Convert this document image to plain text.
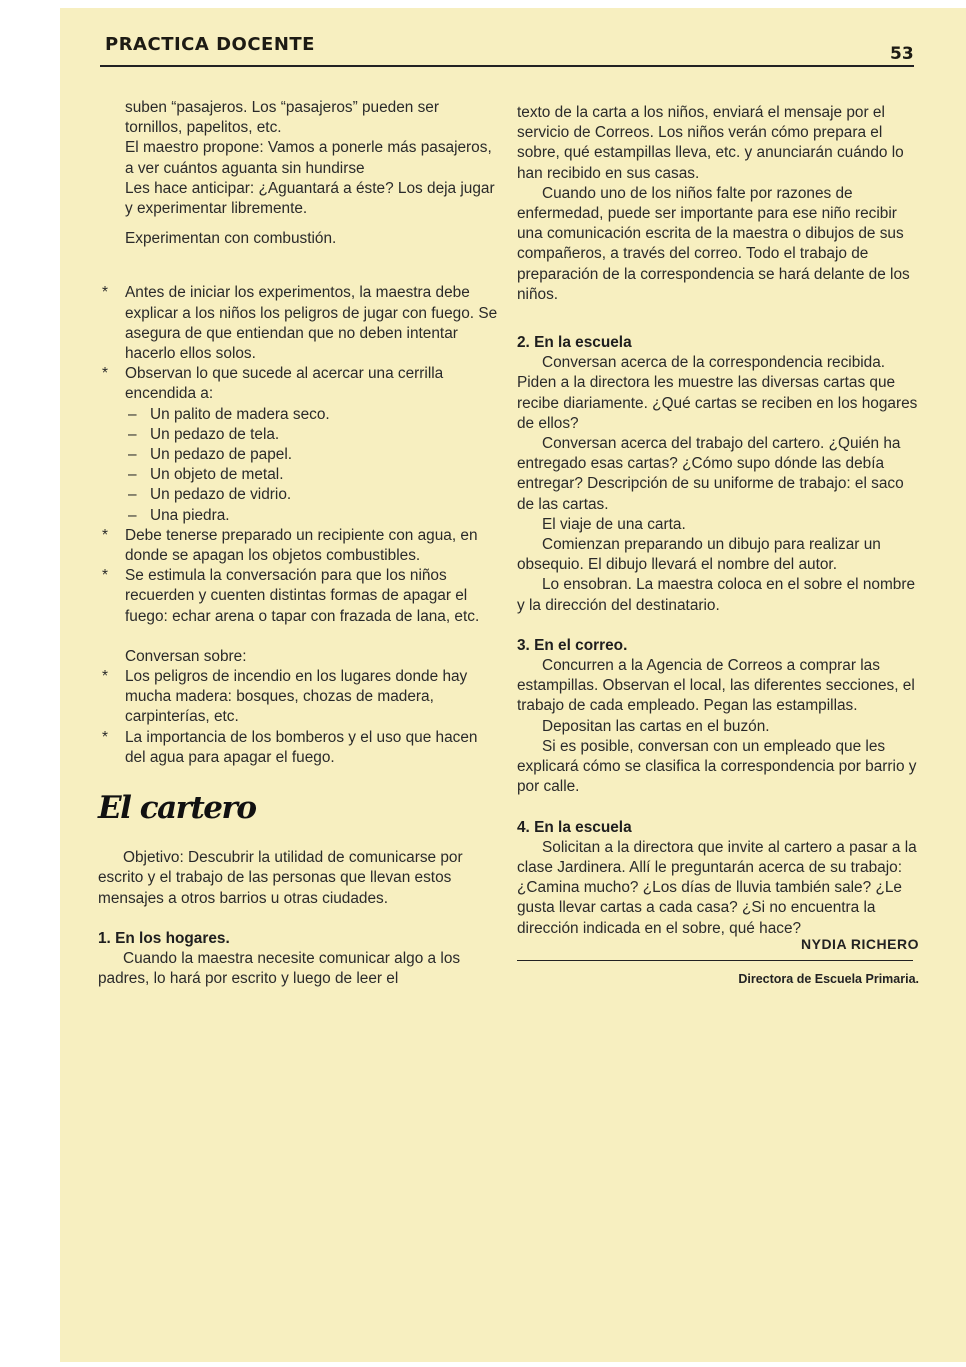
PRACTICA DOCENTE	53

suben “pasajeros. Los “pasajeros” pueden ser tornillos, papelitos, etc.

El maestro propone: Vamos a ponerle más pasajeros, a ver cuántos aguanta sin hundirse

Les hace anticipar: ¿Aguantará a éste? Los deja jugar y experimentar libremente.

Experimentan con combustión.

* Antes de iniciar los experimentos, la maestra debe explicar a los niños los peligros de jugar con fuego. Se asegura de que entiendan que no deben intentar hacerlo ellos solos.
* Observan lo que sucede al acercar una cerrilla encendida a:
– Un palito de madera seco.
– Un pedazo de tela.
– Un pedazo de papel.
– Un objeto de metal.
– Un pedazo de vidrio.
– Una piedra.
* Debe tenerse preparado un recipiente con agua, en donde se apagan los objetos combustibles.
* Se estimula la conversación para que los niños recuerden y cuenten distintas formas de apagar el fuego: echar arena o tapar con frazada de lana, etc.

Conversan sobre:

* Los peligros de incendio en los lugares donde hay mucha madera: bosques, chozas de madera, carpinterías, etc.
* La importancia de los bomberos y el uso que hacen del agua para apagar el fuego.
El cartero

Objetivo: Descubrir la utilidad de comunicarse por escrito y el trabajo de las personas que llevan estos mensajes a otros barrios u otras ciudades.

1. En los hogares.

Cuando la maestra necesite comunicar algo a los padres, lo hará por escrito y luego de leer el

texto de la carta a los niños, enviará el mensaje por el servicio de Correos. Los niños verán cómo prepara el sobre, qué estampillas lleva, etc. y anunciarán cuándo lo han recibido en sus casas.

Cuando uno de los niños falte por razones de enfermedad, puede ser importante para ese niño recibir una comunicación escrita de la maestra o dibujos de sus compañeros, a través del correo. Todo el trabajo de preparación de la correspondencia se hará delante de los niños.

2. En la escuela

Conversan acerca de la correspondencia recibida. Piden a la directora les muestre las diversas cartas que recibe diariamente. ¿Qué cartas se reciben en los hogares de ellos?

Conversan acerca del trabajo del cartero. ¿Quién ha entregado esas cartas? ¿Cómo supo dónde las debía entregar? Descripción de su uniforme de trabajo: el saco de las cartas.

El viaje de una carta.

Comienzan preparando un dibujo para realizar un obsequio. El dibujo llevará el nombre del autor.

Lo ensobran. La maestra coloca en el sobre el nombre y la dirección del destinatario.

3. En el correo.

Concurren a la Agencia de Correos a comprar las estampillas. Observan el local, las diferentes secciones, el trabajo de cada empleado. Pegan las estampillas.

Depositan las cartas en el buzón.

Si es posible, conversan con un empleado que les explicará cómo se clasifica la correspondencia por barrio y por calle.

4. En la escuela

Solicitan a la directora que invite al cartero a pasar a la clase Jardinera. Allí le preguntarán acerca de su trabajo: ¿Camina mucho? ¿Los días de lluvia también sale? ¿Le gusta llevar cartas a cada casa? ¿Si no encuentra la dirección indicada en el sobre, qué hace?

NYDIA RICHERO
Directora de Escuela Primaria.
